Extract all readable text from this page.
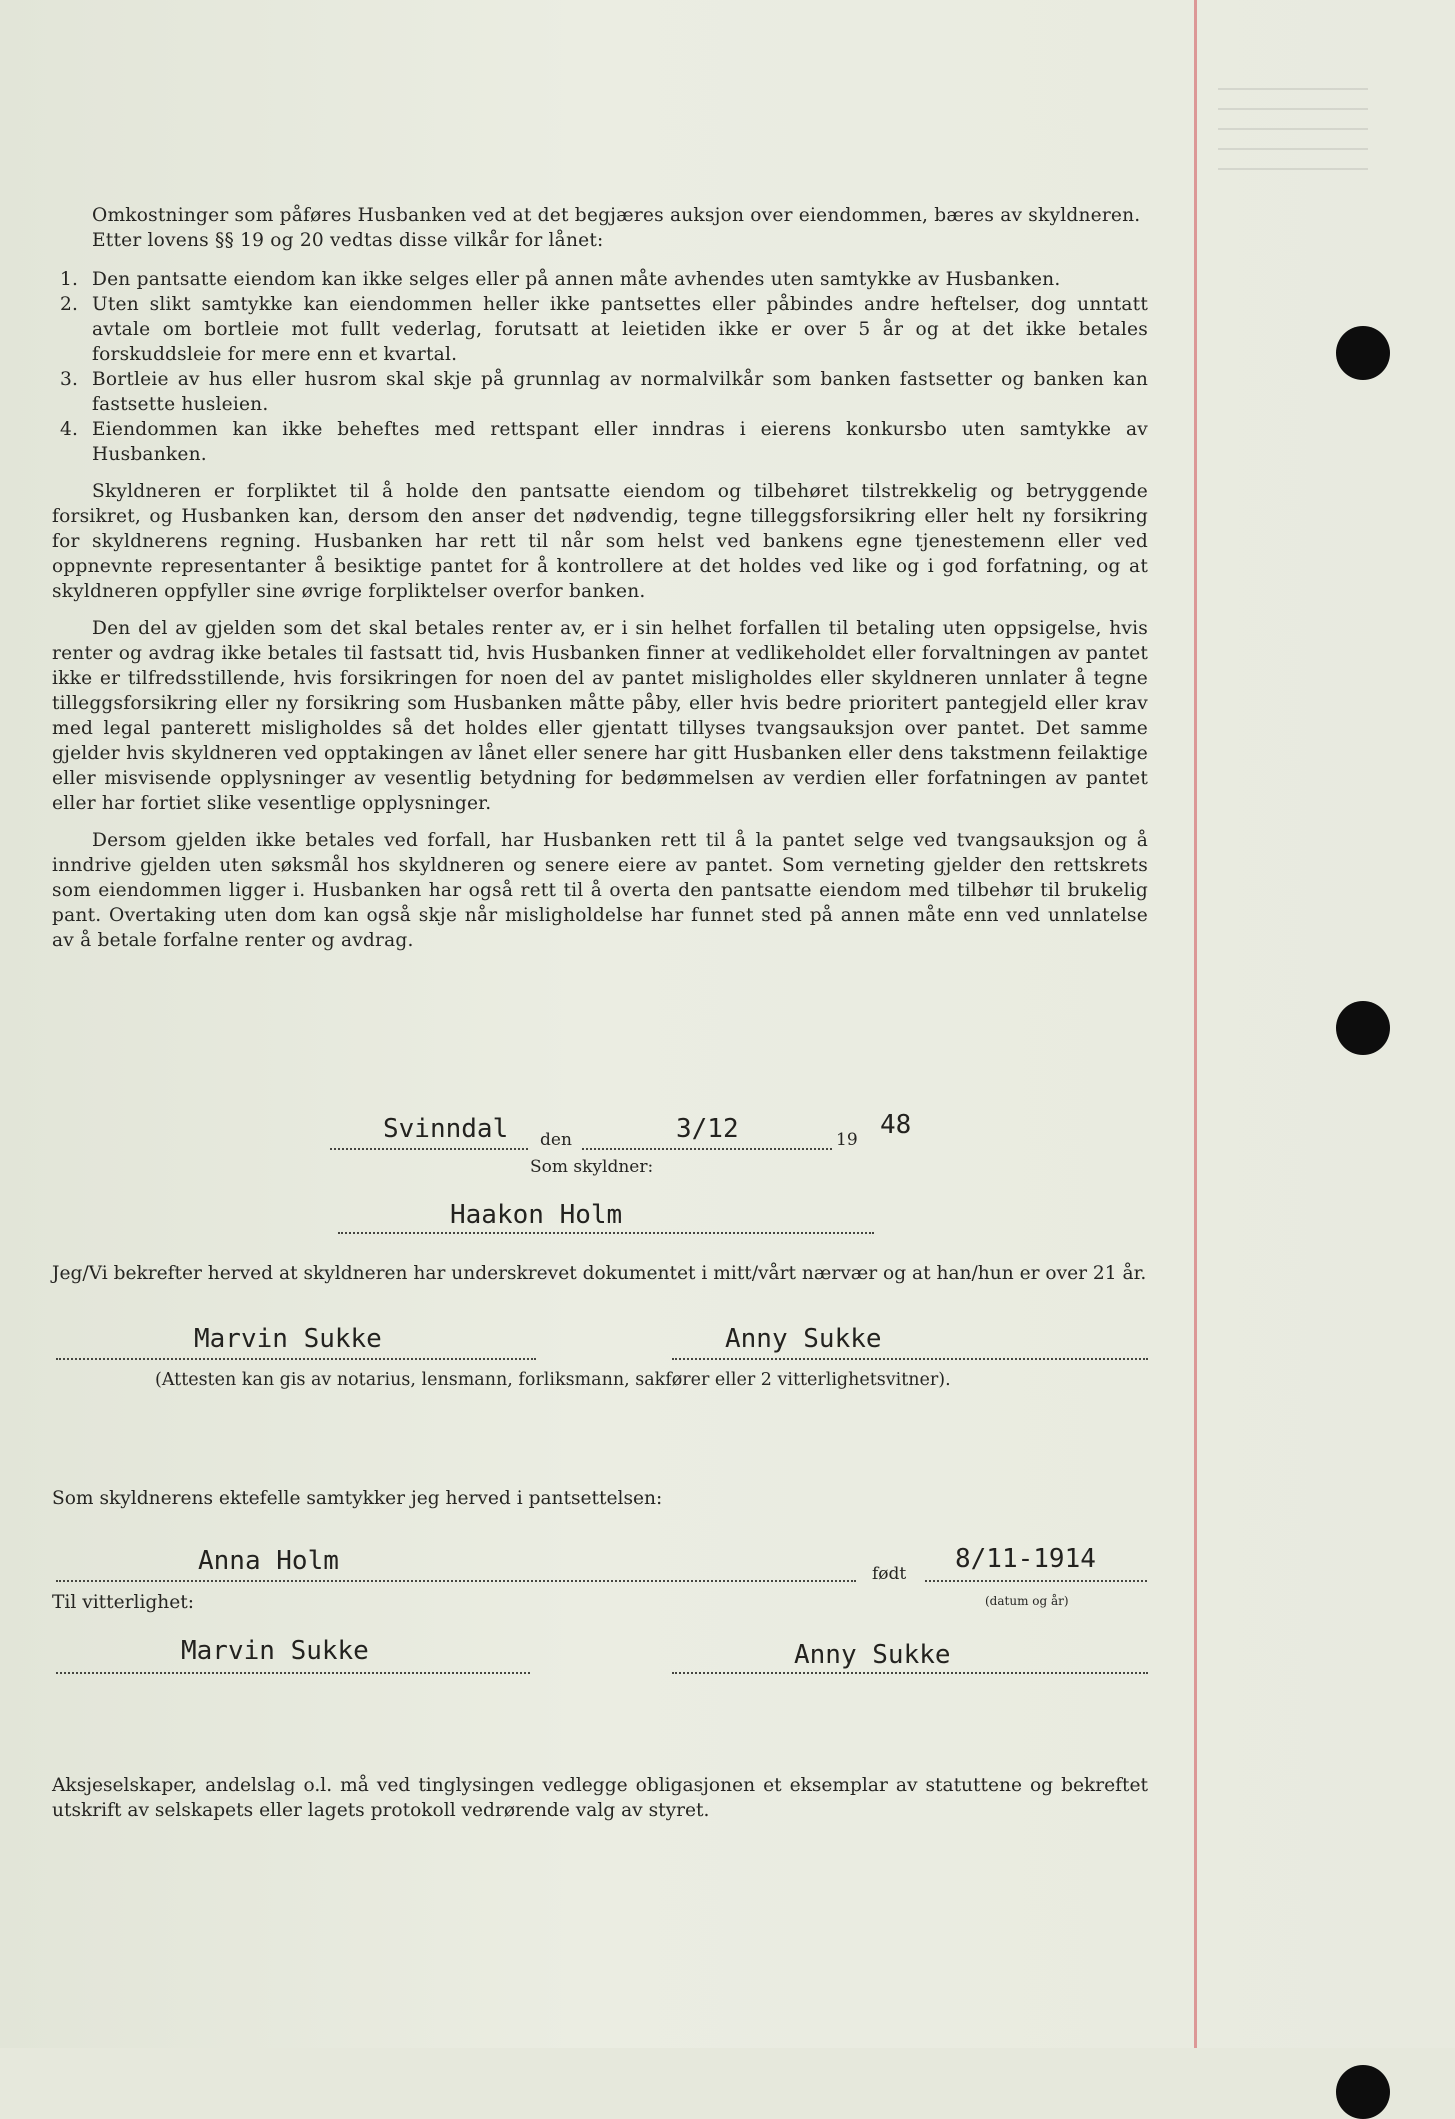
Omkostninger som påføres Husbanken ved at det begjæres auksjon over eiendommen, bæres av skyldneren.

Etter lovens §§ 19 og 20 vedtas disse vilkår for lånet:

1. Den pantsatte eiendom kan ikke selges eller på annen måte avhendes uten samtykke av Husbanken.
2. Uten slikt samtykke kan eiendommen heller ikke pantsettes eller påbindes andre heftelser, dog unntatt avtale om bortleie mot fullt vederlag, forutsatt at leietiden ikke er over 5 år og at det ikke betales forskuddsleie for mere enn et kvartal.
3. Bortleie av hus eller husrom skal skje på grunnlag av normalvilkår som banken fastsetter og banken kan fastsette husleien.
4. Eiendommen kan ikke beheftes med rettspant eller inndras i eierens konkursbo uten samtykke av Husbanken.

Skyldneren er forpliktet til å holde den pantsatte eiendom og tilbehøret tilstrekkelig og betryggende forsikret, og Husbanken kan, dersom den anser det nødvendig, tegne tilleggsforsikring eller helt ny forsikring for skyldnerens regning. Husbanken har rett til når som helst ved bankens egne tjenestemenn eller ved oppnevnte representanter å besiktige pantet for å kontrollere at det holdes ved like og i god forfatning, og at skyldneren oppfyller sine øvrige forpliktelser overfor banken.

Den del av gjelden som det skal betales renter av, er i sin helhet forfallen til betaling uten oppsigelse, hvis renter og avdrag ikke betales til fastsatt tid, hvis Husbanken finner at vedlikeholdet eller forvaltningen av pantet ikke er tilfredsstillende, hvis forsikringen for noen del av pantet misligholdes eller skyldneren unnlater å tegne tilleggsforsikring eller ny forsikring som Husbanken måtte påby, eller hvis bedre prioritert pantegjeld eller krav med legal panterett misligholdes så det holdes eller gjentatt tillyses tvangsauksjon over pantet. Det samme gjelder hvis skyldneren ved opptakingen av lånet eller senere har gitt Husbanken eller dens takstmenn feilaktige eller misvisende opplysninger av vesentlig betydning for bedømmelsen av verdien eller forfatningen av pantet eller har fortiet slike vesentlige opplysninger.

Dersom gjelden ikke betales ved forfall, har Husbanken rett til å la pantet selge ved tvangsauksjon og å inndrive gjelden uten søksmål hos skyldneren og senere eiere av pantet. Som verneting gjelder den rettskrets som eiendommen ligger i. Husbanken har også rett til å overta den pantsatte eiendom med tilbehør til brukelig pant. Overtaking uten dom kan også skje når misligholdelse har funnet sted på annen måte enn ved unnlatelse av å betale forfalne renter og avdrag.

Svinndal den	3/12	19 48
Som skyldner:
Haakon Holm
Jeg/Vi bekrefter herved at skyldneren har underskrevet dokumentet i mitt/vårt nærvær og at han/hun er over 21 år.
Marvin Sukke	Anny Sukke
(Attesten kan gis av notarius, lensmann, forliksmann, sakfører eller 2 vitterlighetsvitner).
Som skyldnerens ektefelle samtykker jeg herved i pantsettelsen:
Anna Holm	født 8/11-1914
(datum og år)
Til vitterlighet:
Marvin Sukke	Anny Sukke
Aksjeselskaper, andelslag o.l. må ved tinglysingen vedlegge obligasjonen et eksemplar av statuttene og bekreftet utskrift av selskapets eller lagets protokoll vedrørende valg av styret.
